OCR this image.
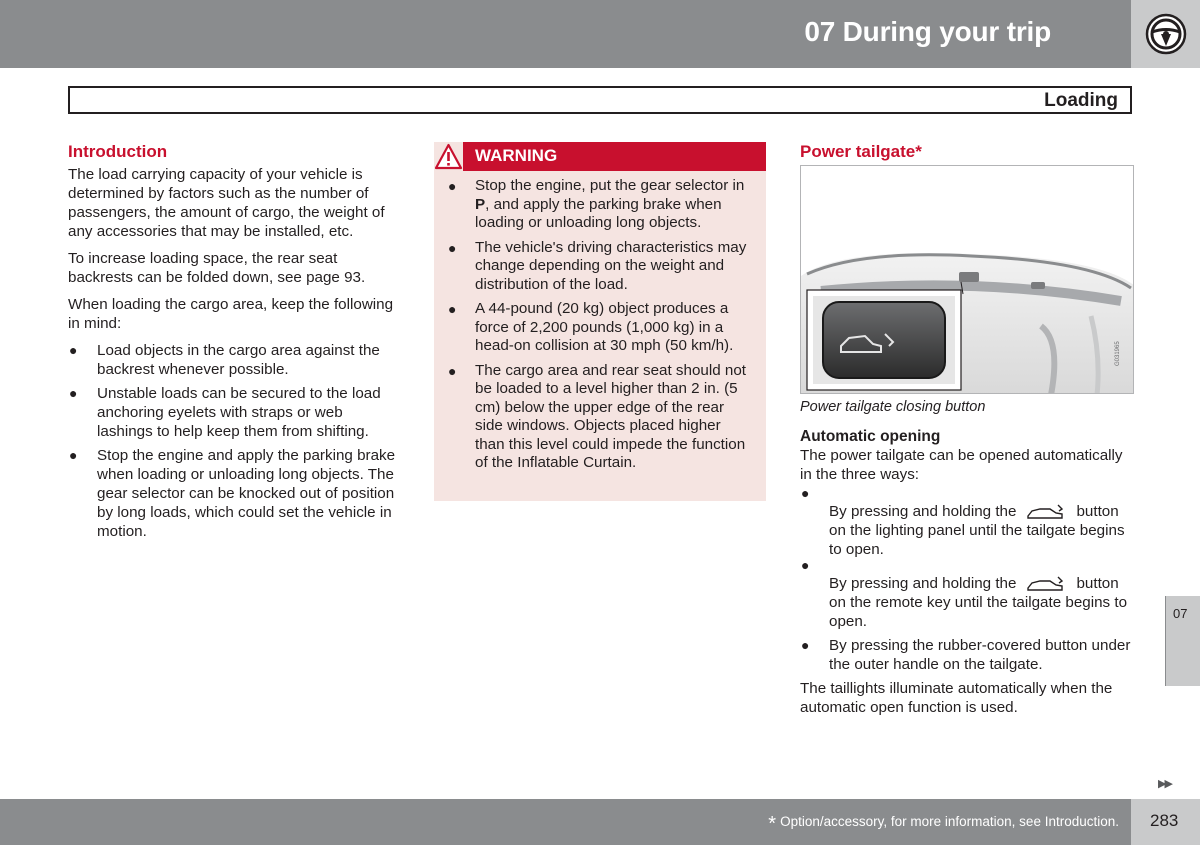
07 During your trip
Loading
Introduction

The load carrying capacity of your vehicle is determined by factors such as the number of passengers, the amount of cargo, the weight of any accessories that may be installed, etc.

To increase loading space, the rear seat backrests can be folded down, see page 93.

When loading the cargo area, keep the following in mind:

● Load objects in the cargo area against the backrest whenever possible.
● Unstable loads can be secured to the load anchoring eyelets with straps or web lashings to help keep them from shifting.
● Stop the engine and apply the parking brake when loading or unloading long objects. The gear selector can be knocked out of position by long loads, which could set the vehicle in motion.
WARNING
● Stop the engine, put the gear selector in P, and apply the parking brake when loading or unloading long objects.
● The vehicle's driving characteristics may change depending on the weight and distribution of the load.
● A 44-pound (20 kg) object produces a force of 2,200 pounds (1,000 kg) in a head-on collision at 30 mph (50 km/h).
● The cargo area and rear seat should not be loaded to a level higher than 2 in. (5 cm) below the upper edge of the rear side windows. Objects placed higher than this level could impede the function of the Inflatable Curtain.
Power tailgate*
G031965
Power tailgate closing button
Automatic opening

The power tailgate can be opened automatically in the three ways:

●
By pressing and holding the	button on the lighting panel until the tailgate begins to open.
●
By pressing and holding the	button on the remote key until the tailgate begins to open.
● By pressing the rubber-covered button under the outer handle on the tailgate.

The taillights illuminate automatically when the automatic open function is used.

07
▶▶
* Option/accessory, for more information, see Introduction. 283
